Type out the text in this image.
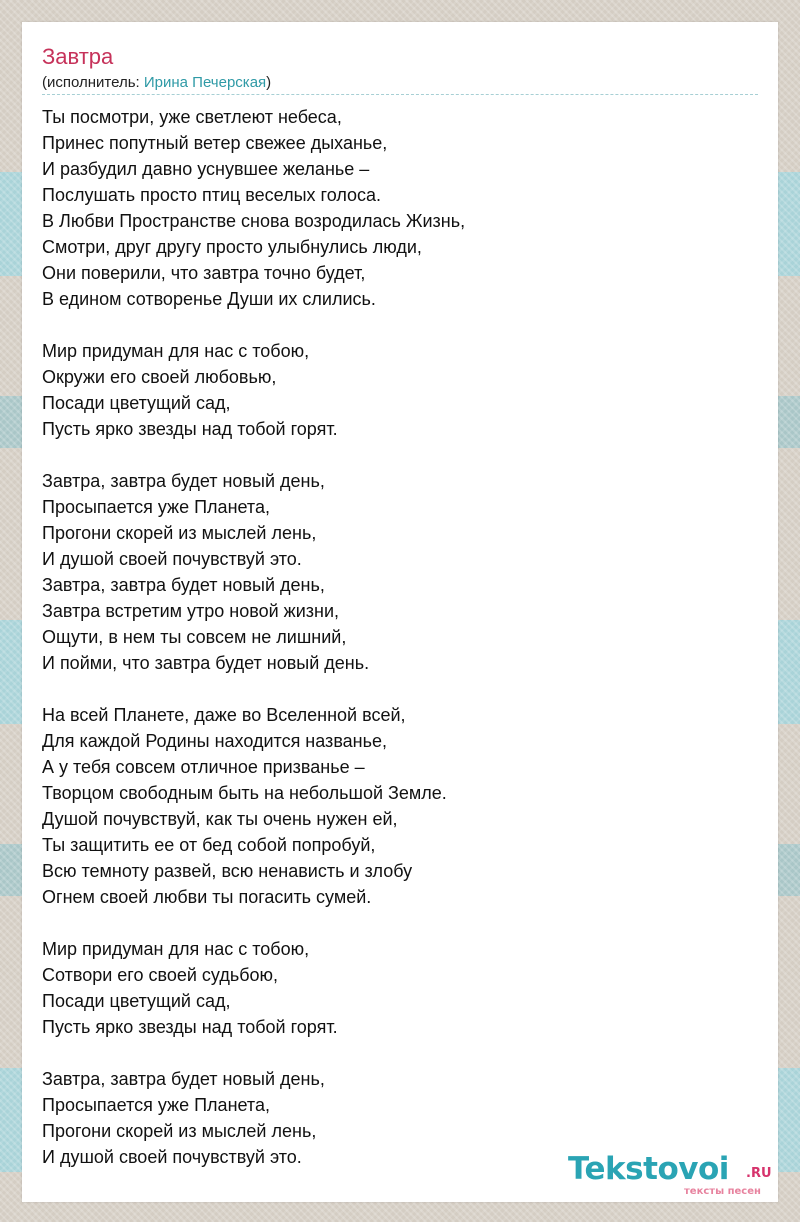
Завтра
(исполнитель: Ирина Печерская)
Ты посмотри, уже светлеют небеса,
Принес попутный ветер свежее дыханье,
И разбудил давно уснувшее желанье –
Послушать просто птиц веселых голоса.
В Любви Пространстве снова возродилась Жизнь,
Смотри, друг другу просто улыбнулись люди,
Они поверили, что завтра точно будет,
В едином сотворенье Души их слились.
Мир придуман для нас с тобою,
Окружи его своей любовью,
Посади цветущий сад,
Пусть ярко звезды над тобой горят.
Завтра, завтра будет новый день,
Просыпается уже Планета,
Прогони скорей из мыслей лень,
И душой своей почувствуй это.
Завтра, завтра будет новый день,
Завтра встретим утро новой жизни,
Ощути, в нем ты совсем не лишний,
И пойми, что завтра будет новый день.
На всей Планете, даже во Вселенной всей,
Для каждой Родины находится названье,
А у тебя совсем отличное призванье –
Творцом свободным быть на небольшой Земле.
Душой почувствуй, как ты очень нужен ей,
Ты защитить ее от бед собой попробуй,
Всю темноту развей, всю ненависть и злобу
Огнем своей любви ты погасить сумей.
Мир придуман для нас с тобою,
Сотвори его своей судьбою,
Посади цветущий сад,
Пусть ярко звезды над тобой горят.
Завтра, завтра будет новый день,
Просыпается уже Планета,
Прогони скорей из мыслей лень,
И душой своей почувствуй это.	Tekstovoi .RU
тексты песен
